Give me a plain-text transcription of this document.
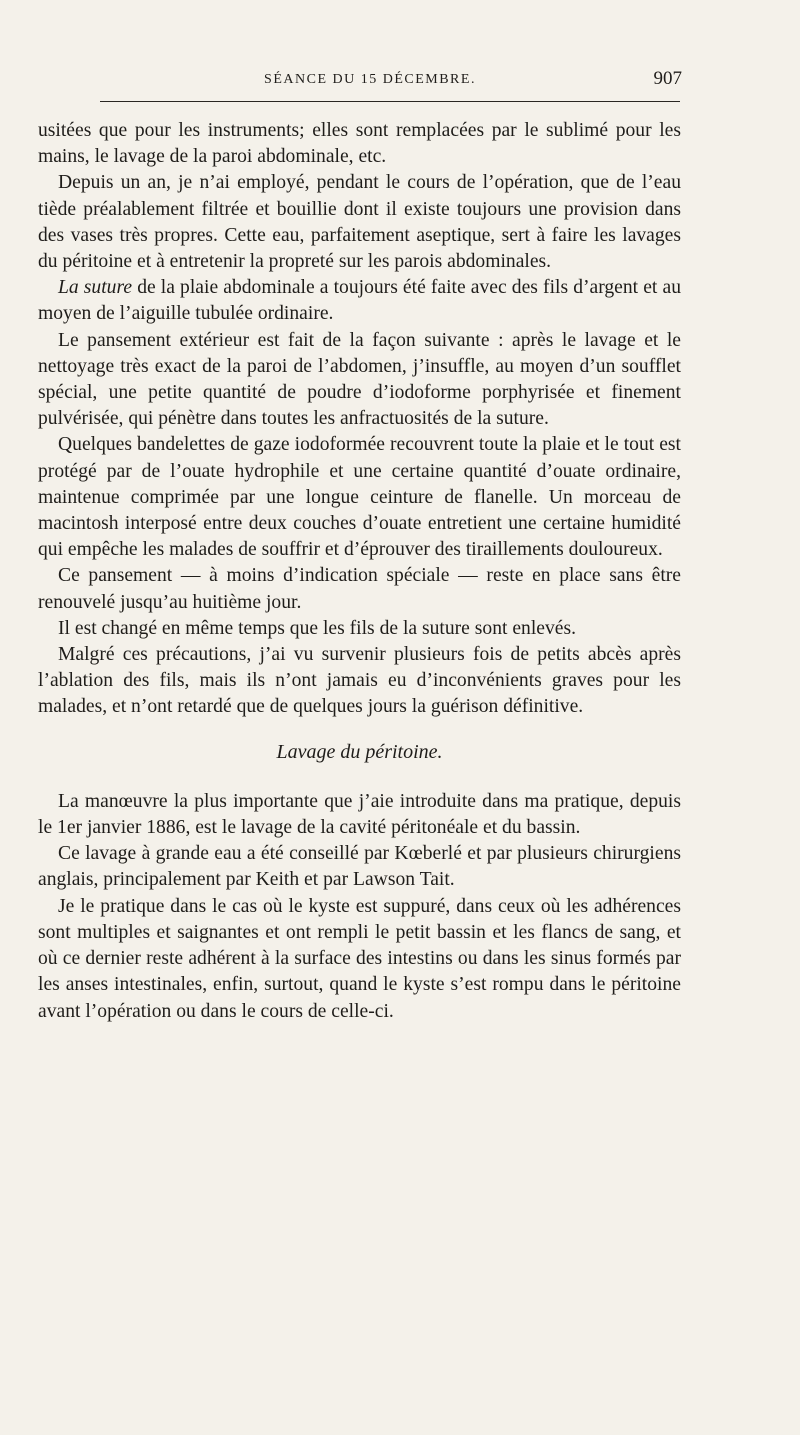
SÉANCE DU 15 DÉCEMBRE.	907

usitées que pour les instruments; elles sont remplacées par le sublimé pour les mains, le lavage de la paroi abdominale, etc.

Depuis un an, je n’ai employé, pendant le cours de l’opération, que de l’eau tiède préalablement filtrée et bouillie dont il existe toujours une provision dans des vases très propres. Cette eau, parfaitement aseptique, sert à faire les lavages du péritoine et à entretenir la propreté sur les parois abdominales.

La suture de la plaie abdominale a toujours été faite avec des fils d’argent et au moyen de l’aiguille tubulée ordinaire.

Le pansement extérieur est fait de la façon suivante : après le lavage et le nettoyage très exact de la paroi de l’abdomen, j’insuffle, au moyen d’un soufflet spécial, une petite quantité de poudre d’iodoforme porphyrisée et finement pulvérisée, qui pénètre dans toutes les anfractuosités de la suture.

Quelques bandelettes de gaze iodoformée recouvrent toute la plaie et le tout est protégé par de l’ouate hydrophile et une certaine quantité d’ouate ordinaire, maintenue comprimée par une longue ceinture de flanelle. Un morceau de macintosh interposé entre deux couches d’ouate entretient une certaine humidité qui empêche les malades de souffrir et d’éprouver des tiraillements douloureux.

Ce pansement — à moins d’indication spéciale — reste en place sans être renouvelé jusqu’au huitième jour.

Il est changé en même temps que les fils de la suture sont enlevés.

Malgré ces précautions, j’ai vu survenir plusieurs fois de petits abcès après l’ablation des fils, mais ils n’ont jamais eu d’inconvénients graves pour les malades, et n’ont retardé que de quelques jours la guérison définitive.

Lavage du péritoine.

La manœuvre la plus importante que j’aie introduite dans ma pratique, depuis le 1er janvier 1886, est le lavage de la cavité péritonéale et du bassin.

Ce lavage à grande eau a été conseillé par Kœberlé et par plusieurs chirurgiens anglais, principalement par Keith et par Lawson Tait.

Je le pratique dans le cas où le kyste est suppuré, dans ceux où les adhérences sont multiples et saignantes et ont rempli le petit bassin et les flancs de sang, et où ce dernier reste adhérent à la surface des intestins ou dans les sinus formés par les anses intestinales, enfin, surtout, quand le kyste s’est rompu dans le péritoine avant l’opération ou dans le cours de celle-ci.
